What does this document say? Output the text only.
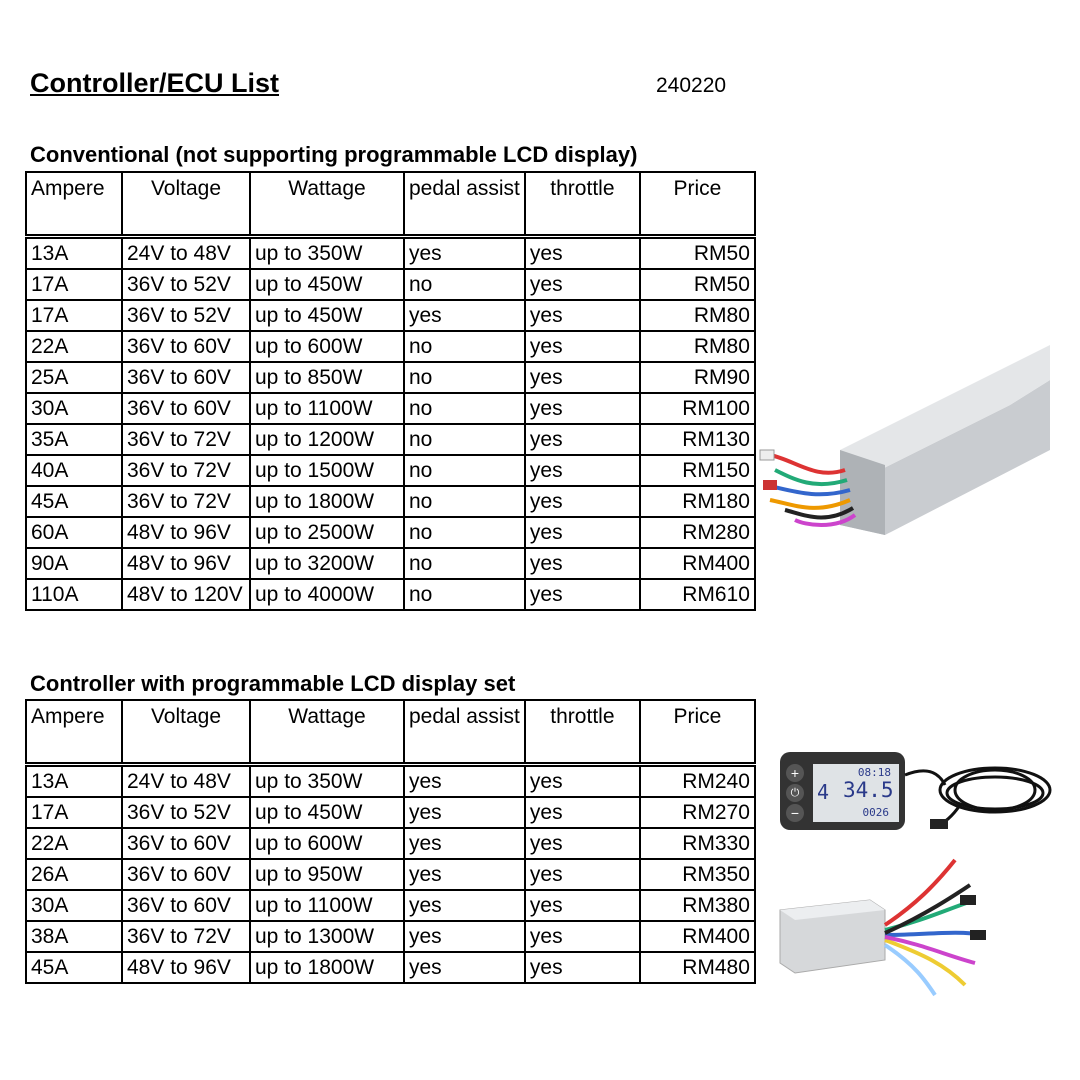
Controller/ECU List	240220
Conventional (not supporting programmable LCD display)
Ampere	Voltage	Wattage	pedal assist	throttle	Price
13A	24V to 48V	up to 350W	yes	yes	RM50
17A	36V to 52V	up to 450W	no	yes	RM50
17A	36V to 52V	up to 450W	yes	yes	RM80
22A	36V to 60V	up to 600W	no	yes	RM80
25A	36V to 60V	up to 850W	no	yes	RM90
30A	36V to 60V	up to 1100W	no	yes	RM100
35A	36V to 72V	up to 1200W	no	yes	RM130
40A	36V to 72V	up to 1500W	no	yes	RM150
45A	36V to 72V	up to 1800W	no	yes	RM180
60A	48V to 96V	up to 2500W	no	yes	RM280
90A	48V to 96V	up to 3200W	no	yes	RM400
110A	48V to 120V	up to 4000W	no	yes	RM610
Controller with programmable LCD display set
Ampere	Voltage	Wattage	pedal assist	throttle	Price
13A	24V to 48V	up to 350W	yes	yes	RM240
17A	36V to 52V	up to 450W	yes	yes	RM270
22A	36V to 60V	up to 600W	yes	yes	RM330
26A	36V to 60V	up to 950W	yes	yes	RM350
30A	36V to 60V	up to 1100W	yes	yes	RM380
38A	36V to 72V	up to 1300W	yes	yes	RM400
45A	48V to 96V	up to 1800W	yes	yes	RM480
+
⏻
−
08:18
4 34.5
0026
